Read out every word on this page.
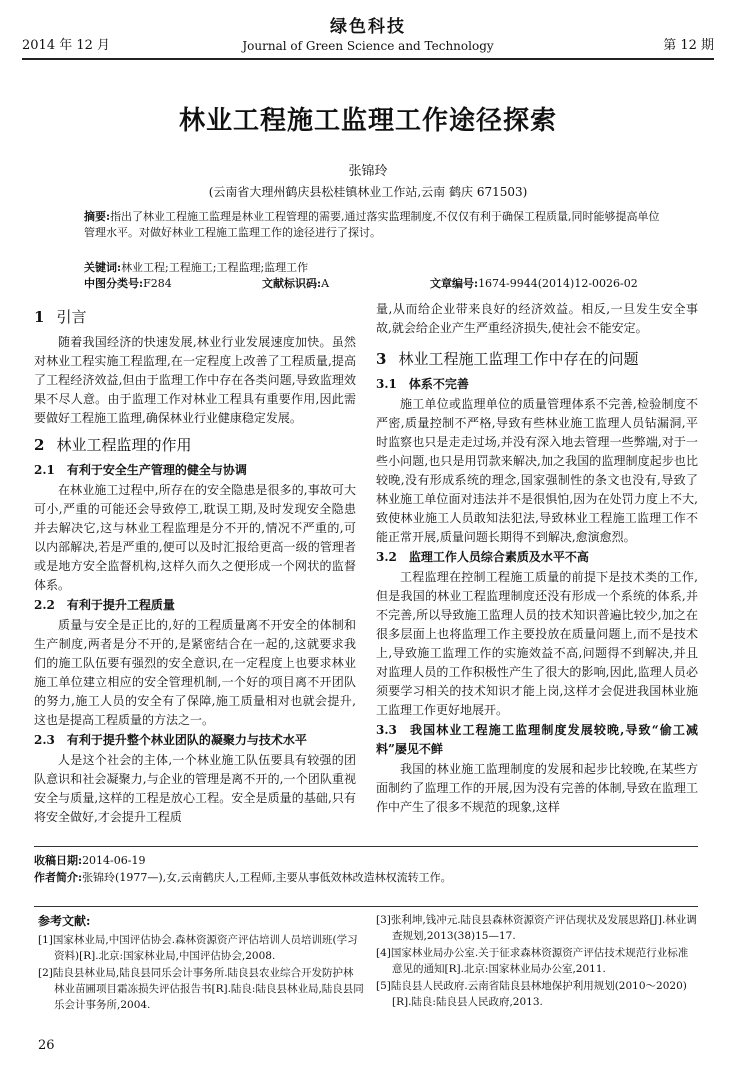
2014 年 12 月
绿色科技
Journal of Green Science and Technology	第 12 期
林业工程施工监理工作途径探索
张锦玲
(云南省大理州鹤庆县松桂镇林业工作站,云南 鹤庆 671503)
摘要:指出了林业工程施工监理是林业工程管理的需要,通过落实监理制度,不仅仅有利于确保工程质量,同时能够提高单位管理水平。对做好林业工程施工监理工作的途径进行了探讨。
关键词:林业工程;工程施工;工程监理;监理工作
中图分类号:F284	文献标识码:A	文章编号:1674-9944(2014)12-0026-02
1 引言

随着我国经济的快速发展,林业行业发展速度加快。虽然对林业工程实施工程监理,在一定程度上改善了工程质量,提高了工程经济效益,但由于监理工作中存在各类问题,导致监理效果不尽人意。由于监理工作对林业工程具有重要作用,因此需要做好工程施工监理,确保林业行业健康稳定发展。

2 林业工程监理的作用
2.1 有利于安全生产管理的健全与协调

在林业施工过程中,所存在的安全隐患是很多的,事故可大可小,严重的可能还会导致停工,耽误工期,及时发现安全隐患并去解决它,这与林业工程监理是分不开的,情况不严重的,可以内部解决,若是严重的,便可以及时汇报给更高一级的管理者或是地方安全监督机构,这样久而久之便形成一个网状的监督体系。

2.2 有利于提升工程质量

质量与安全是正比的,好的工程质量离不开安全的体制和生产制度,两者是分不开的,是紧密结合在一起的,这就要求我们的施工队伍要有强烈的安全意识,在一定程度上也要求林业施工单位建立相应的安全管理机制,一个好的项目离不开团队的努力,施工人员的安全有了保障,施工质量相对也就会提升,这也是提高工程质量的方法之一。

2.3 有利于提升整个林业团队的凝聚力与技术水平

人是这个社会的主体,一个林业施工队伍要具有较强的团队意识和社会凝聚力,与企业的管理是离不开的,一个团队重视安全与质量,这样的工程是放心工程。安全是质量的基础,只有将安全做好,才会提升工程质

量,从而给企业带来良好的经济效益。相反,一旦发生安全事故,就会给企业产生严重经济损失,使社会不能安定。

3 林业工程施工监理工作中存在的问题
3.1 体系不完善

施工单位或监理单位的质量管理体系不完善,检验制度不严密,质量控制不严格,导致有些林业施工监理人员钻漏洞,平时监察也只是走走过场,并没有深入地去管理一些弊端,对于一些小问题,也只是用罚款来解决,加之我国的监理制度起步也比较晚,没有形成系统的理念,国家强制性的条文也没有,导致了林业施工单位面对违法并不是很惧怕,因为在处罚力度上不大,致使林业施工人员敢知法犯法,导致林业工程施工监理工作不能正常开展,质量问题长期得不到解决,愈演愈烈。

3.2 监理工作人员综合素质及水平不高

工程监理在控制工程施工质量的前提下是技术类的工作,但是我国的林业工程监理制度还没有形成一个系统的体系,并不完善,所以导致施工监理人员的技术知识普遍比较少,加之在很多层面上也将监理工作主要投放在质量问题上,而不是技术上,导致施工监理工作的实施效益不高,问题得不到解决,并且对监理人员的工作积极性产生了很大的影响,因此,监理人员必须要学习相关的技术知识才能上岗,这样才会促进我国林业施工监理工作更好地展开。

3.3 我国林业工程施工监理制度发展较晚,导致“偷工减料”屡见不鲜

我国的林业施工监理制度的发展和起步比较晚,在某些方面制约了监理工作的开展,因为没有完善的体制,导致在监理工作中产生了很多不规范的现象,这样

收稿日期:2014-06-19
作者简介:张锦玲(1977—),女,云南鹤庆人,工程师,主要从事低效林改造林权流转工作。
参考文献:
[1]国家林业局,中国评估协会.森林资源资产评估培训人员培训班(学习资料)[R].北京:国家林业局,中国评估协会,2008.
[2]陆良县林业局,陆良县同乐会计事务所.陆良县农业综合开发防护林林业苗圃项目霜冻损失评估报告书[R].陆良:陆良县林业局,陆良县同乐会计事务所,2004.
[3]张利坤,钱冲元.陆良县森林资源资产评估现状及发展思路[J].林业调查规划,2013(38)15—17.
[4]国家林业局办公室.关于征求森林资源资产评估技术规范行业标准意见的通知[R].北京:国家林业局办公室,2011.
[5]陆良县人民政府.云南省陆良县林地保护利用规划(2010～2020)[R].陆良:陆良县人民政府,2013.
26
